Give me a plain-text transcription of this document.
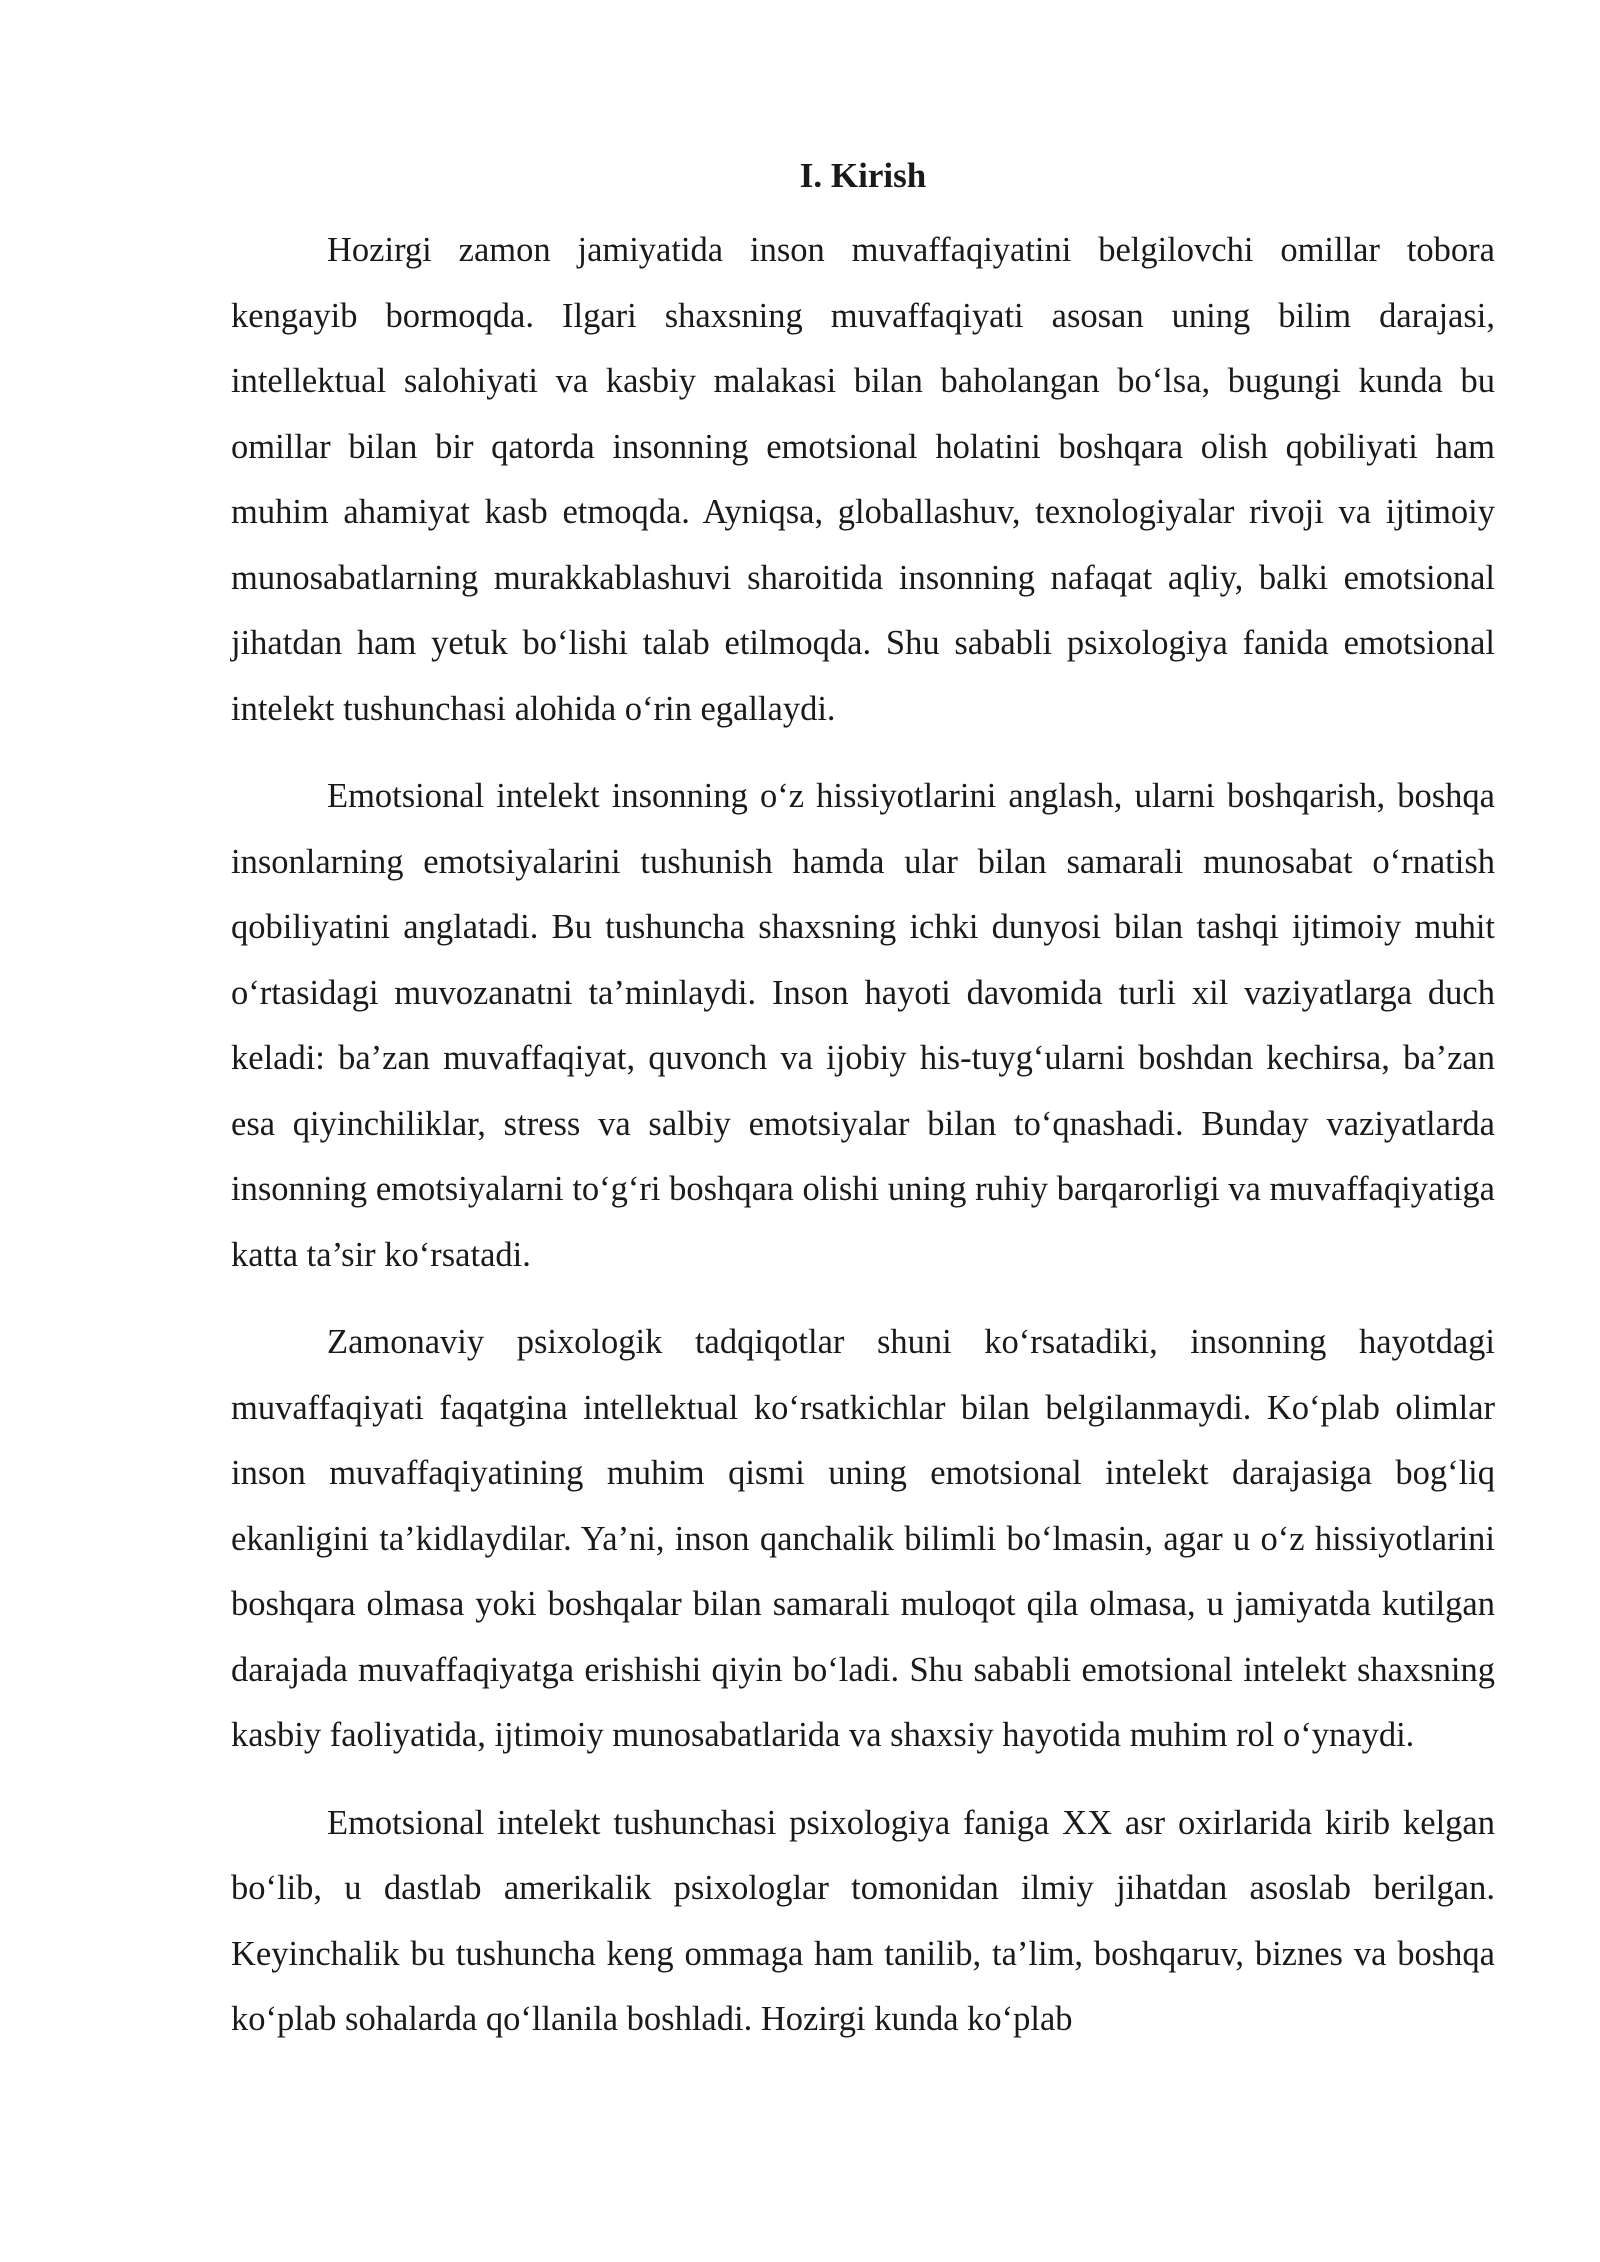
I. Kirish

Hozirgi zamon jamiyatida inson muvaffaqiyatini belgilovchi omillar tobora kengayib bormoqda. Ilgari shaxsning muvaffaqiyati asosan uning bilim darajasi, intellektual salohiyati va kasbiy malakasi bilan baholangan bo‘lsa, bugungi kunda bu omillar bilan bir qatorda insonning emotsional holatini boshqara olish qobiliyati ham muhim ahamiyat kasb etmoqda. Ayniqsa, globallashuv, texnologiyalar rivoji va ijtimoiy munosabatlarning murakkablashuvi sharoitida insonning nafaqat aqliy, balki emotsional jihatdan ham yetuk bo‘lishi talab etilmoqda. Shu sababli psixologiya fanida emotsional intelekt tushunchasi alohida o‘rin egallaydi.

Emotsional intelekt insonning o‘z hissiyotlarini anglash, ularni boshqarish, boshqa insonlarning emotsiyalarini tushunish hamda ular bilan samarali munosabat o‘rnatish qobiliyatini anglatadi. Bu tushuncha shaxsning ichki dunyosi bilan tashqi ijtimoiy muhit o‘rtasidagi muvozanatni ta’minlaydi. Inson hayoti davomida turli xil vaziyatlarga duch keladi: ba’zan muvaffaqiyat, quvonch va ijobiy his-tuyg‘ularni boshdan kechirsa, ba’zan esa qiyinchiliklar, stress va salbiy emotsiyalar bilan to‘qnashadi. Bunday vaziyatlarda insonning emotsiyalarni to‘g‘ri boshqara olishi uning ruhiy barqarorligi va muvaffaqiyatiga katta ta’sir ko‘rsatadi.

Zamonaviy psixologik tadqiqotlar shuni ko‘rsatadiki, insonning hayotdagi muvaffaqiyati faqatgina intellektual ko‘rsatkichlar bilan belgilanmaydi. Ko‘plab olimlar inson muvaffaqiyatining muhim qismi uning emotsional intelekt darajasiga bog‘liq ekanligini ta’kidlaydilar. Ya’ni, inson qanchalik bilimli bo‘lmasin, agar u o‘z hissiyotlarini boshqara olmasa yoki boshqalar bilan samarali muloqot qila olmasa, u jamiyatda kutilgan darajada muvaffaqiyatga erishishi qiyin bo‘ladi. Shu sababli emotsional intelekt shaxsning kasbiy faoliyatida, ijtimoiy munosabatlarida va shaxsiy hayotida muhim rol o‘ynaydi.

Emotsional intelekt tushunchasi psixologiya faniga XX asr oxirlarida kirib kelgan bo‘lib, u dastlab amerikalik psixologlar tomonidan ilmiy jihatdan asoslab berilgan. Keyinchalik bu tushuncha keng ommaga ham tanilib, ta’lim, boshqaruv, biznes va boshqa ko‘plab sohalarda qo‘llanila boshladi. Hozirgi kunda ko‘plab
